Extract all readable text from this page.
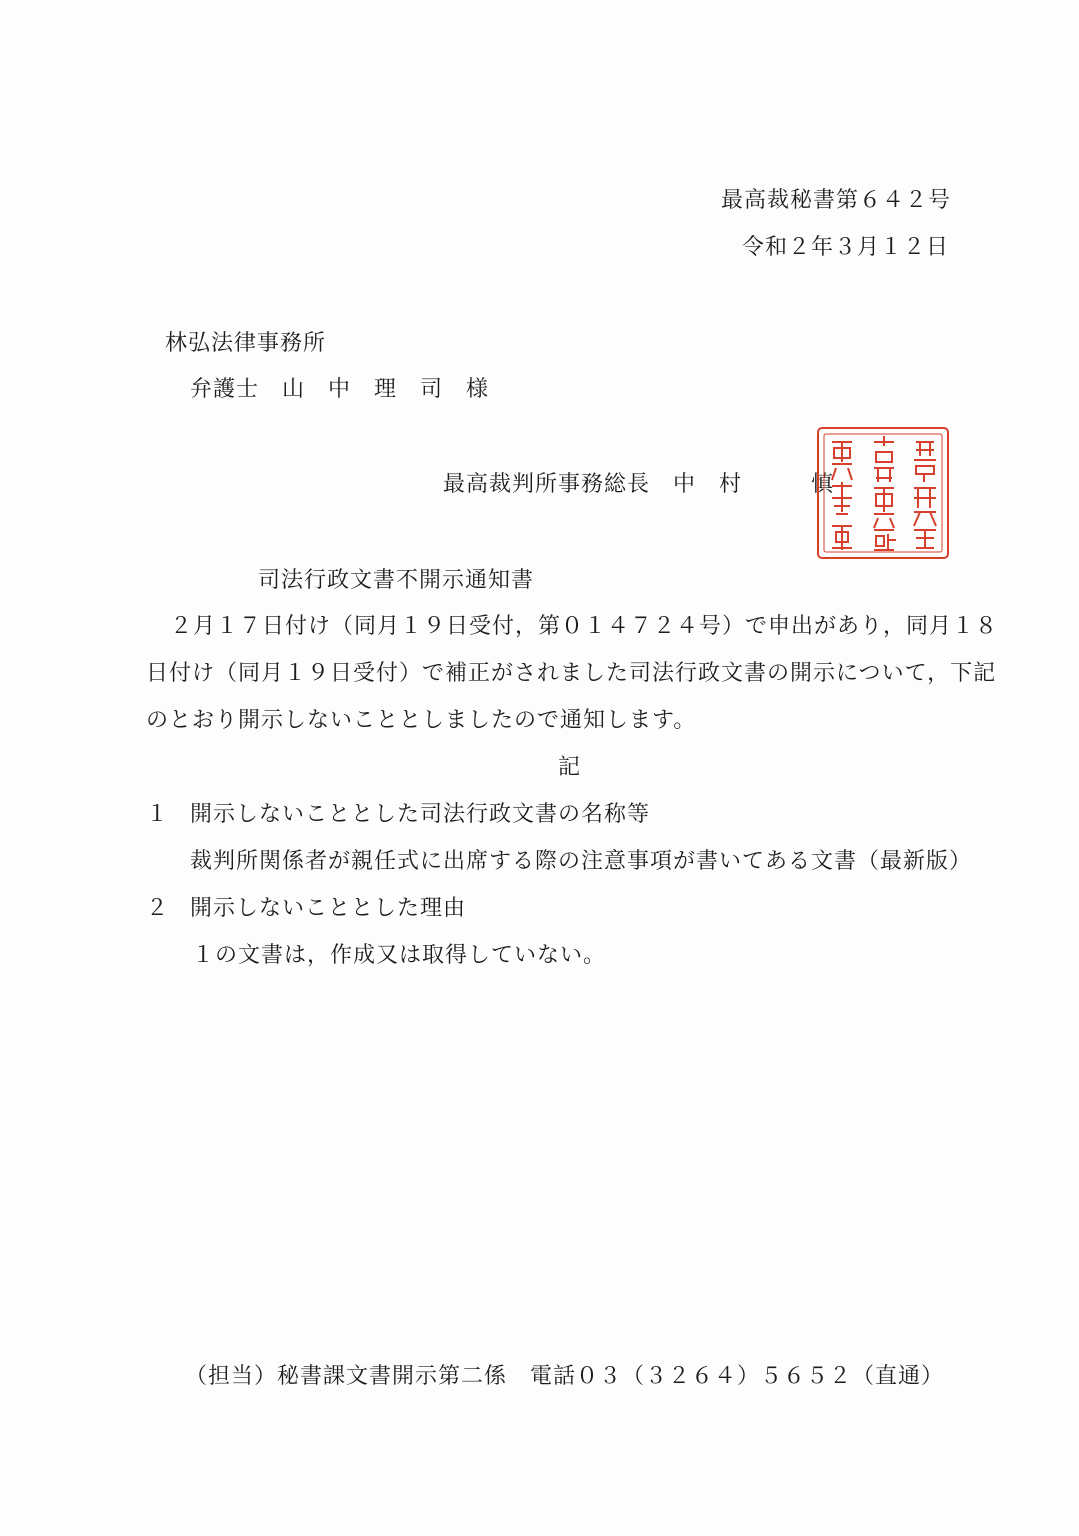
最高裁秘書第６４２号
令和２年３月１２日
林弘法律事務所
弁護士　山　中　理　司　様
最高裁判所事務総長　中　村　　　慎
司法行政文書不開示通知書
２月１７日付け（同月１９日受付，第０１４７２４号）で申出があり，同月１８
日付け（同月１９日受付）で補正がされました司法行政文書の開示について，下記
のとおり開示しないこととしましたので通知します。
記
１ 開示しないこととした司法行政文書の名称等
裁判所関係者が親任式に出席する際の注意事項が書いてある文書（最新版）
２ 開示しないこととした理由
１の文書は，作成又は取得していない。
（担当）秘書課文書開示第二係　電話０３（３２６４）５６５２（直通）
